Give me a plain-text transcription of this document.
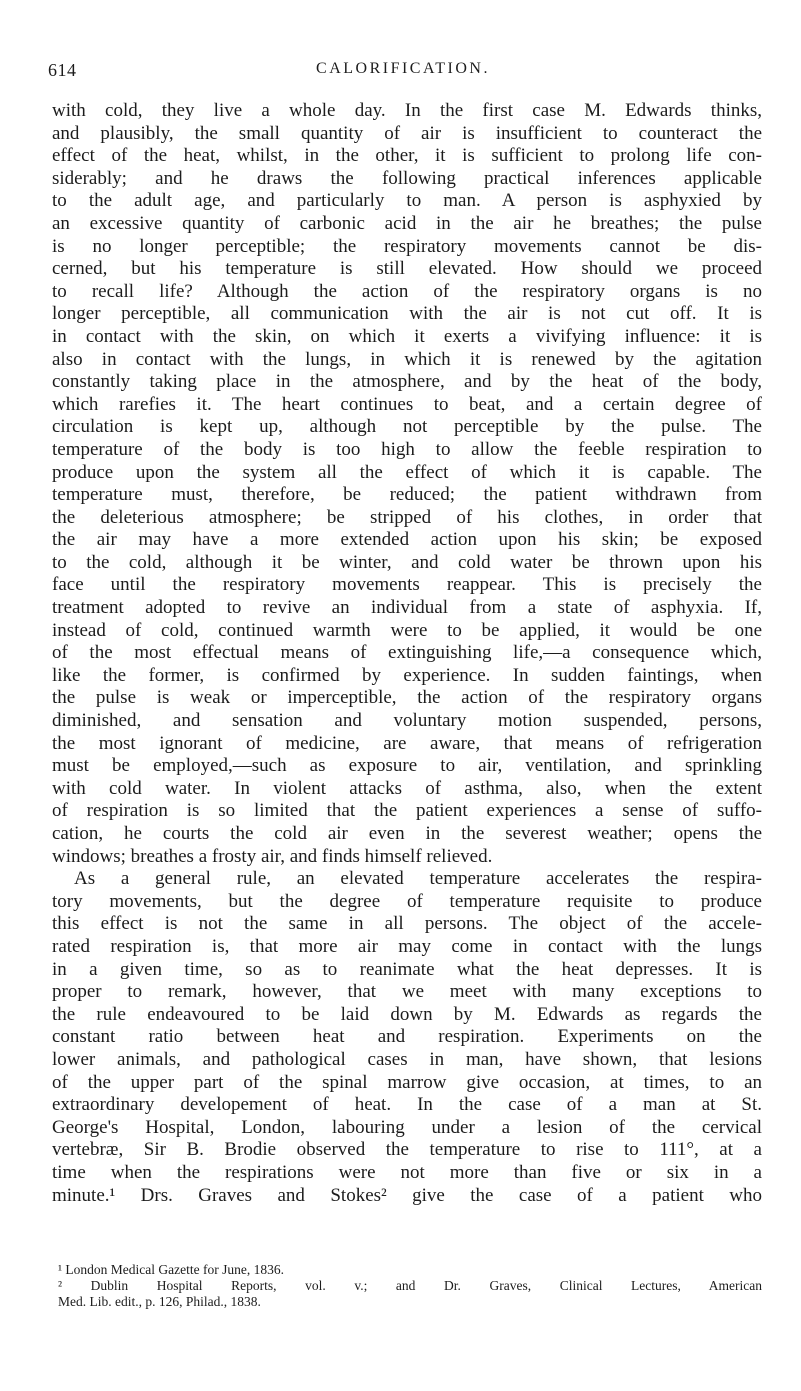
614	CALORIFICATION.
with cold, they live a whole day. In the first case M. Edwards thinks,
and plausibly, the small quantity of air is insufficient to counteract the
effect of the heat, whilst, in the other, it is sufficient to prolong life con-
siderably; and he draws the following practical inferences applicable
to the adult age, and particularly to man. A person is asphyxied by
an excessive quantity of carbonic acid in the air he breathes; the pulse
is no longer perceptible; the respiratory movements cannot be dis-
cerned, but his temperature is still elevated. How should we proceed
to recall life? Although the action of the respiratory organs is no
longer perceptible, all communication with the air is not cut off. It is
in contact with the skin, on which it exerts a vivifying influence: it is
also in contact with the lungs, in which it is renewed by the agitation
constantly taking place in the atmosphere, and by the heat of the body,
which rarefies it. The heart continues to beat, and a certain degree of
circulation is kept up, although not perceptible by the pulse. The
temperature of the body is too high to allow the feeble respiration to
produce upon the system all the effect of which it is capable. The
temperature must, therefore, be reduced; the patient withdrawn from
the deleterious atmosphere; be stripped of his clothes, in order that
the air may have a more extended action upon his skin; be exposed
to the cold, although it be winter, and cold water be thrown upon his
face until the respiratory movements reappear. This is precisely the
treatment adopted to revive an individual from a state of asphyxia. If,
instead of cold, continued warmth were to be applied, it would be one
of the most effectual means of extinguishing life,—a consequence which,
like the former, is confirmed by experience. In sudden faintings, when
the pulse is weak or imperceptible, the action of the respiratory organs
diminished, and sensation and voluntary motion suspended, persons,
the most ignorant of medicine, are aware, that means of refrigeration
must be employed,—such as exposure to air, ventilation, and sprinkling
with cold water. In violent attacks of asthma, also, when the extent
of respiration is so limited that the patient experiences a sense of suffo-
cation, he courts the cold air even in the severest weather; opens the
windows; breathes a frosty air, and finds himself relieved.
As a general rule, an elevated temperature accelerates the respira-
tory movements, but the degree of temperature requisite to produce
this effect is not the same in all persons. The object of the accele-
rated respiration is, that more air may come in contact with the lungs
in a given time, so as to reanimate what the heat depresses. It is
proper to remark, however, that we meet with many exceptions to
the rule endeavoured to be laid down by M. Edwards as regards the
constant ratio between heat and respiration. Experiments on the
lower animals, and pathological cases in man, have shown, that lesions
of the upper part of the spinal marrow give occasion, at times, to an
extraordinary developement of heat. In the case of a man at St.
George's Hospital, London, labouring under a lesion of the cervical
vertebræ, Sir B. Brodie observed the temperature to rise to 111°, at a
time when the respirations were not more than five or six in a
minute.¹ Drs. Graves and Stokes² give the case of a patient who
¹ London Medical Gazette for June, 1836.
² Dublin Hospital Reports, vol. v.; and Dr. Graves, Clinical Lectures, American
Med. Lib. edit., p. 126, Philad., 1838.
